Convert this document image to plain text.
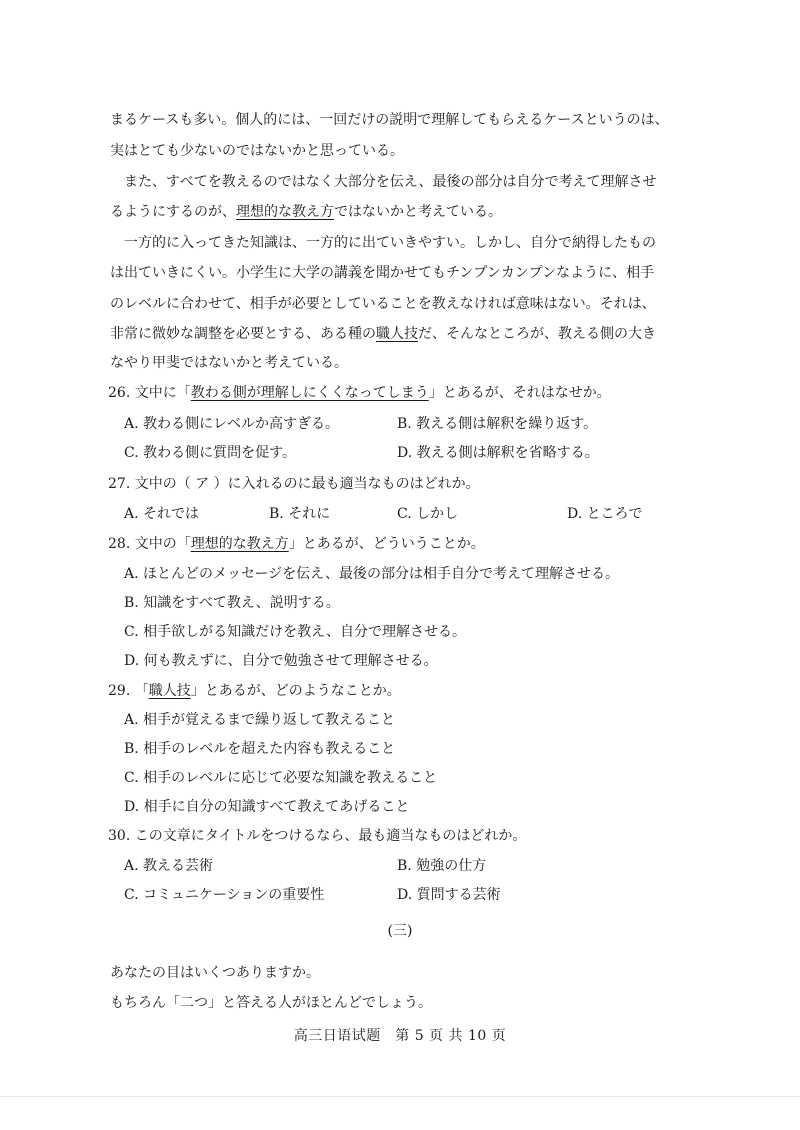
まるケースも多い。個人的には、一回だけの説明で理解してもらえるケースというのは、
実はとても少ないのではないかと思っている。
また、すべてを教えるのではなく大部分を伝え、最後の部分は自分で考えて理解させ
るようにするのが、理想的な教え方ではないかと考えている。
一方的に入ってきた知識は、一方的に出ていきやすい。しかし、自分で納得したもの
は出ていきにくい。小学生に大学の講義を聞かせてもチンプンカンプンなように、相手
のレベルに合わせて、相手が必要としていることを教えなければ意味はない。それは、
非常に微妙な調整を必要とする、ある種の職人技だ、そんなところが、教える側の大き
なやり甲斐ではないかと考えている。
26. 文中に「教わる側が理解しにくくなってしまう」とあるが、それはなせか。
A. 教わる側にレベルか高すぎる。	B. 教える側は解釈を繰り返す。
C. 教わる側に質問を促す。	D. 教える側は解釈を省略する。
27. 文中の（ ア ）に入れるのに最も適当なものはどれか。
A. それでは	B. それに	C. しかし	D. ところで
28. 文中の「理想的な教え方」とあるが、どういうことか。
A. ほとんどのメッセージを伝え、最後の部分は相手自分で考えて理解させる。
B. 知識をすべて教え、説明する。
C. 相手欲しがる知識だけを教え、自分で理解させる。
D. 何も教えずに、自分で勉強させて理解させる。
29. 「職人技」とあるが、どのようなことか。
A. 相手が覚えるまで繰り返して教えること
B. 相手のレベルを超えた内容も教えること
C. 相手のレベルに応じて必要な知識を教えること
D. 相手に自分の知識すべて教えてあげること
30. この文章にタイトルをつけるなら、最も適当なものはどれか。
A. 教える芸術	B. 勉強の仕方
C. コミュニケーションの重要性	D. 質問する芸術
(三)
あなたの目はいくつありますか。
もちろん「二つ」と答える人がほとんどでしょう。
高三日语试题　第 5 页 共 10 页
